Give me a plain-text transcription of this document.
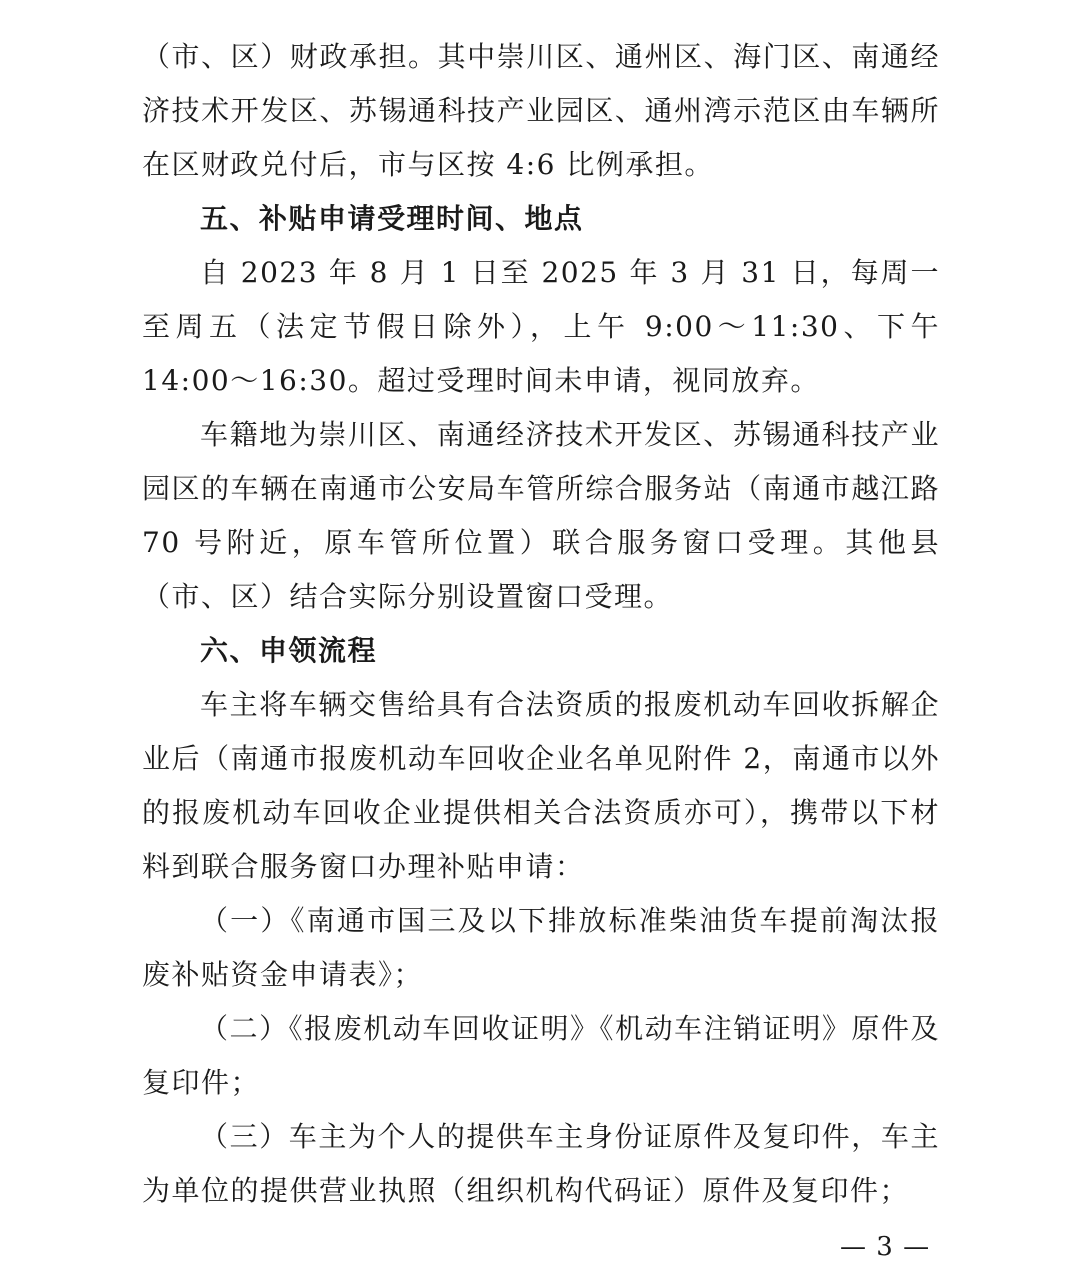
（市、区）财政承担。其中崇川区、通州区、海门区、南通经济技术开发区、苏锡通科技产业园区、通州湾示范区由车辆所在区财政兑付后，市与区按 4:6 比例承担。

五、补贴申请受理时间、地点

自 2023 年 8 月 1 日至 2025 年 3 月 31 日，每周一至周五（法定节假日除外），上午 9:00～11:30、下午 14:00～16:30。超过受理时间未申请，视同放弃。

车籍地为崇川区、南通经济技术开发区、苏锡通科技产业园区的车辆在南通市公安局车管所综合服务站（南通市越江路 70 号附近，原车管所位置）联合服务窗口受理。其他县（市、区）结合实际分别设置窗口受理。

六、申领流程

车主将车辆交售给具有合法资质的报废机动车回收拆解企业后（南通市报废机动车回收企业名单见附件 2，南通市以外的报废机动车回收企业提供相关合法资质亦可），携带以下材料到联合服务窗口办理补贴申请：

（一）《南通市国三及以下排放标准柴油货车提前淘汰报废补贴资金申请表》；

（二）《报废机动车回收证明》《机动车注销证明》原件及复印件；

（三）车主为个人的提供车主身份证原件及复印件，车主为单位的提供营业执照（组织机构代码证）原件及复印件；

— 3 —
